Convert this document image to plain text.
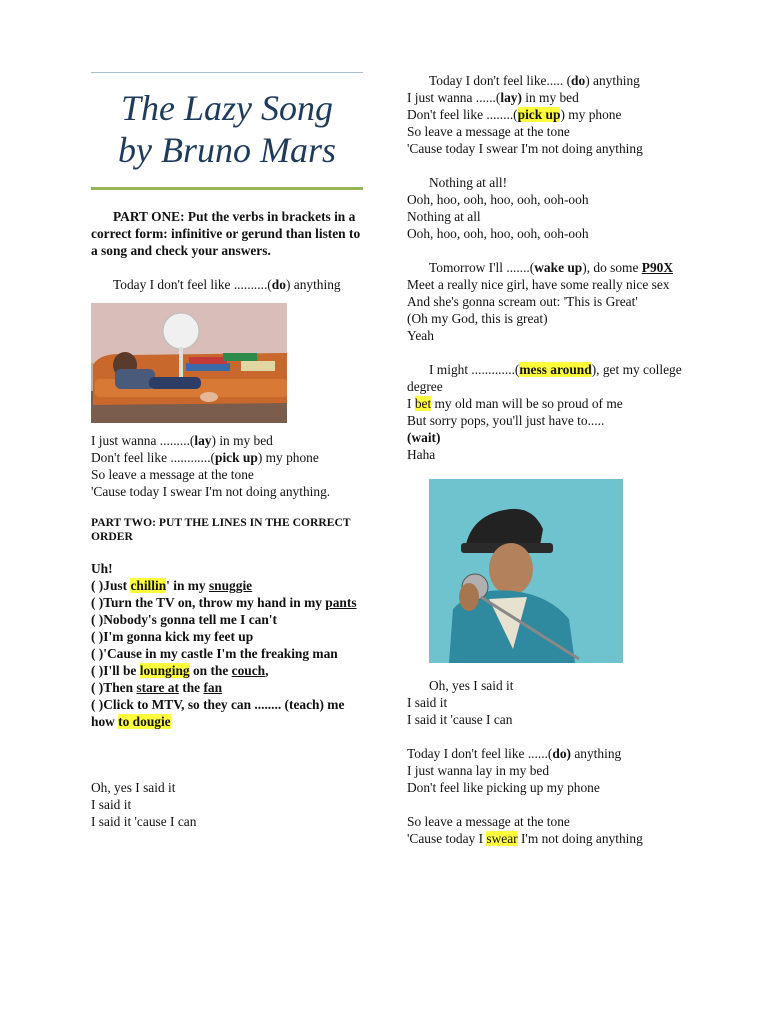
The Lazy Song
by Bruno Mars

PART ONE: Put the verbs in brackets in a correct form: infinitive or gerund than listen to a song and check your answers.

Today I don't feel like ..........(do) anything

I just wanna .........(lay) in my bed

Don't feel like ............(pick up) my phone

So leave a message at the tone

'Cause today I swear I'm not doing anything.

PART TWO: PUT THE LINES IN THE CORRECT ORDER

Uh!

( )Just chillin' in my snuggie

( )Turn the TV on, throw my hand in my pants

( )Nobody's gonna tell me I can't

( )I'm gonna kick my feet up

( )'Cause in my castle I'm the freaking man

( )I'll be lounging on the couch,

( )Then stare at the fan

( )Click to MTV, so they can ........ (teach) me how to dougie

Oh, yes I said it

I said it

I said it 'cause I can

Today I don't feel like..... (do) anything

I just wanna ......(lay) in my bed

Don't feel like ........(pick up) my phone

So leave a message at the tone

'Cause today I swear I'm not doing anything

Nothing at all!

Ooh, hoo, ooh, hoo, ooh, ooh-ooh

Nothing at all

Ooh, hoo, ooh, hoo, ooh, ooh-ooh

Tomorrow I'll .......(wake up), do some P90X

Meet a really nice girl, have some really nice sex

And she's gonna scream out: 'This is Great'

(Oh my God, this is great)

Yeah

I might .............(mess around), get my college degree

I bet my old man will be so proud of me

But sorry pops, you'll just have to.....

(wait)

Haha

Oh, yes I said it

I said it

I said it 'cause I can

Today I don't feel like ......(do) anything

I just wanna lay in my bed

Don't feel like picking up my phone

So leave a message at the tone

'Cause today I swear I'm not doing anything
